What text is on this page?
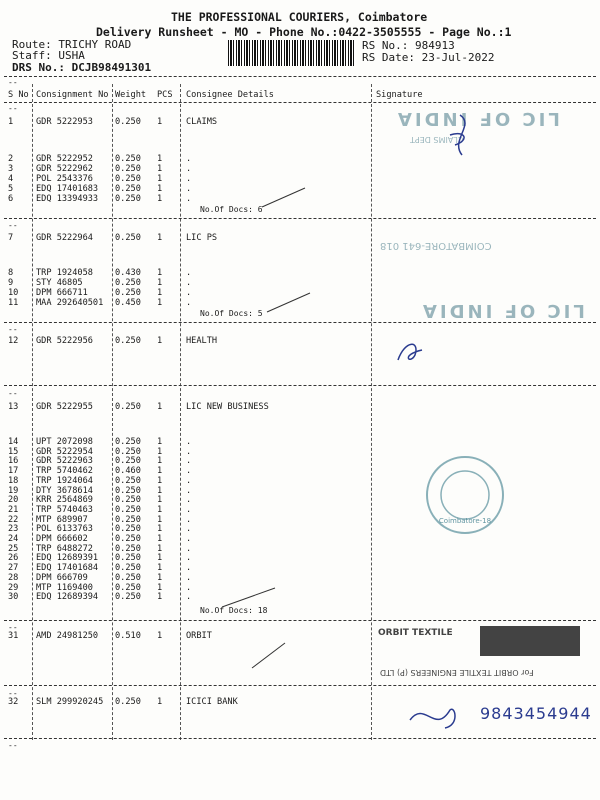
THE PROFESSIONAL COURIERS, Coimbatore
Delivery Runsheet - MO - Phone No.:0422-3505555 - Page No.:1
Route: TRICHY ROAD
Staff: USHA
DRS No.: DCJB98491301
RS No.: 984913
RS Date: 23-Jul-2022
--
S No Consignment No Weight PCS Consignee Details	Signature
--
1	GDR 5222953	0.250 1	CLAIMS
2	GDR 5222952	0.250 1	.
3	GDR 5222962	0.250 1	.
4	POL 2543376	0.250 1	.
5	EDQ 17401683 0.250 1	.
6	EDQ 13394933 0.250 1	.
No.Of Docs: 6
--
7	GDR 5222964	0.250 1	LIC PS
8	TRP 1924058	0.430 1	.
9	STY 46805	0.250 1	.
10 DPM 666711	0.250 1	.
11 MAA 292640501 0.450 1	.
No.Of Docs: 5
--
12 GDR 5222956	0.250 1	HEALTH
--
13 GDR 5222955	0.250 1	LIC NEW BUSINESS
14 UPT 2072098	0.250 1	.
15 GDR 5222954	0.250 1	.
16 GDR 5222963	0.250 1	.
17 TRP 5740462	0.460 1	.
18 TRP 1924064	0.250 1	.
19 DTY 3678614	0.250 1	.
20 KRR 2564869	0.250 1	.
21 TRP 5740463	0.250 1	.
22 MTP 689907	0.250 1	.
23 POL 6133763	0.250 1	.
24 DPM 666602	0.250 1	.
25 TRP 6488272	0.250 1	.
26 EDQ 12689391 0.250 1	.
27 EDQ 17401684 0.250 1	.
28 DPM 666709	0.250 1	.
29 MTP 1169400	0.250 1	.
30 EDQ 12689394 0.250 1	.
No.Of Docs: 18
--
31 AMD 24981250 0.510 1	ORBIT
--
32 SLM 299920245 0.250 1	ICICI BANK
--
LIC OF INDIA
CLAIMS DEPT
COIMBATORE-641 018
LIC OF INDIA
Coimbatore-18
ORBIT TEXTILE
For ORBIT TEXTILE ENGINEERS (P) LTD
9843454944
